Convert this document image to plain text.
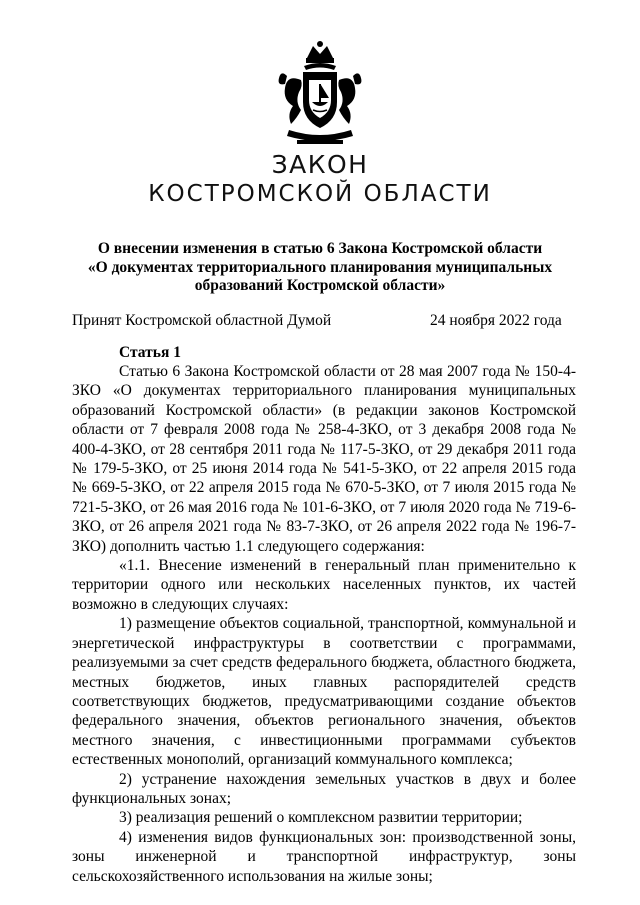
ЗАКОН
КОСТРОМСКОЙ ОБЛАСТИ
О внесении изменения в статью 6 Закона Костромской области
«О документах территориального планирования муниципальных
образований Костромской области»
Принят Костромской областной Думой	24 ноября 2022 года
Статья 1

Статью 6 Закона Костромской области от 28 мая 2007 года № 150-4-ЗКО «О документах территориального планирования муниципальных образований Костромской области» (в редакции законов Костромской области от 7 февраля 2008 года № 258-4-ЗКО, от 3 декабря 2008 года № 400-4-ЗКО, от 28 сентября 2011 года № 117-5-ЗКО, от 29 декабря 2011 года № 179-5-ЗКО, от 25 июня 2014 года № 541-5-ЗКО, от 22 апреля 2015 года № 669-5-ЗКО, от 22 апреля 2015 года № 670-5-ЗКО, от 7 июля 2015 года № 721-5-ЗКО, от 26 мая 2016 года № 101-6-ЗКО, от 7 июля 2020 года № 719-6-ЗКО, от 26 апреля 2021 года № 83-7-ЗКО, от 26 апреля 2022 года № 196-7-ЗКО) дополнить частью 1.1 следующего содержания:

«1.1. Внесение изменений в генеральный план применительно к территории одного или нескольких населенных пунктов, их частей возможно в следующих случаях:

1) размещение объектов социальной, транспортной, коммунальной и энергетической инфраструктуры в соответствии с программами, реализуемыми за счет средств федерального бюджета, областного бюджета, местных бюджетов, иных главных распорядителей средств соответствующих бюджетов, предусматривающими создание объектов федерального значения, объектов регионального значения, объектов местного значения, с инвестиционными программами субъектов естественных монополий, организаций коммунального комплекса;

2) устранение нахождения земельных участков в двух и более функциональных зонах;

3) реализация решений о комплексном развитии территории;

4) изменения видов функциональных зон: производственной зоны, зоны инженерной и транспортной инфраструктур, зоны сельскохозяйственного использования на жилые зоны;
